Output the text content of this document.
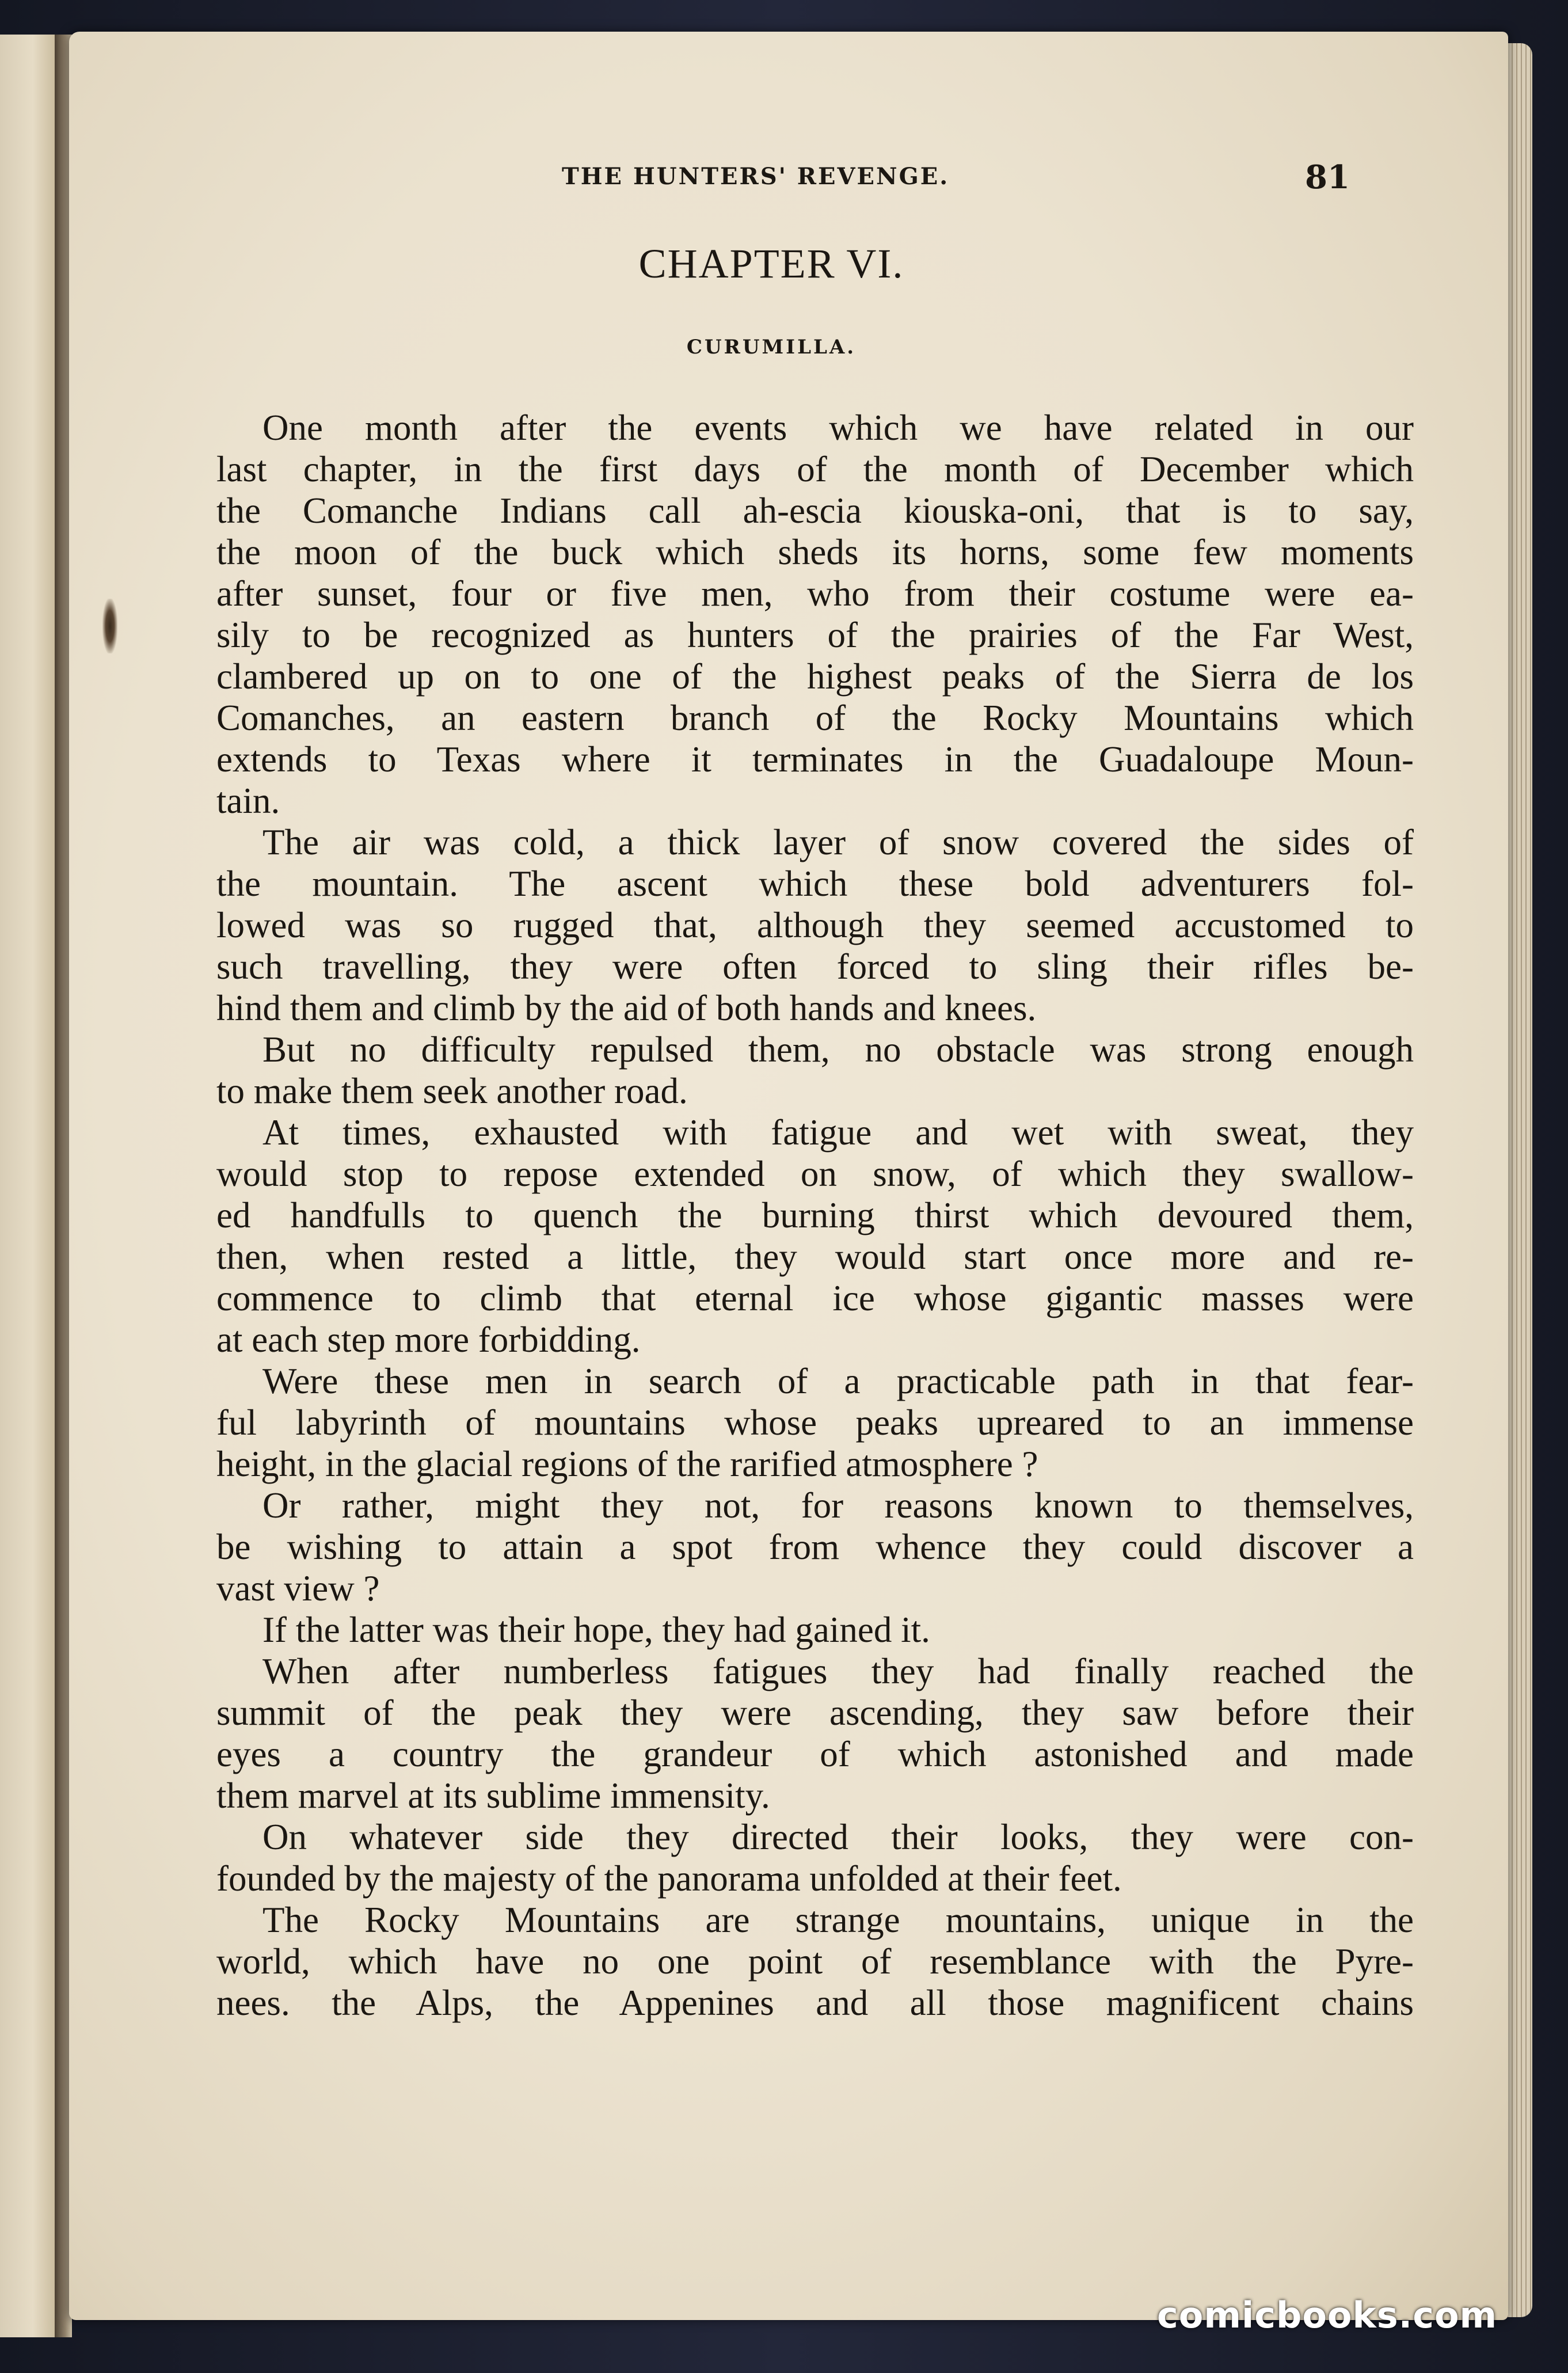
THE HUNTERS' REVENGE.	81
CHAPTER VI.
CURUMILLA.
One month after the events which we have related in our
last chapter, in the first days of the month of December which
the Comanche Indians call ah-escia kiouska-oni, that is to say,
the moon of the buck which sheds its horns, some few moments
after sunset, four or five men, who from their costume were ea-
sily to be recognized as hunters of the prairies of the Far West,
clambered up on to one of the highest peaks of the Sierra de los
Comanches, an eastern branch of the Rocky Mountains which
extends to Texas where it terminates in the Guadaloupe Moun-
tain.
The air was cold, a thick layer of snow covered the sides of
the mountain. The ascent which these bold adventurers fol-
lowed was so rugged that, although they seemed accustomed to
such travelling, they were often forced to sling their rifles be-
hind them and climb by the aid of both hands and knees.
But no difficulty repulsed them, no obstacle was strong enough
to make them seek another road.
At times, exhausted with fatigue and wet with sweat, they
would stop to repose extended on snow, of which they swallow-
ed handfulls to quench the burning thirst which devoured them,
then, when rested a little, they would start once more and re-
commence to climb that eternal ice whose gigantic masses were
at each step more forbidding.
Were these men in search of a practicable path in that fear-
ful labyrinth of mountains whose peaks upreared to an immense
height, in the glacial regions of the rarified atmosphere ?
Or rather, might they not, for reasons known to themselves,
be wishing to attain a spot from whence they could discover a
vast view ?
If the latter was their hope, they had gained it.
When after numberless fatigues they had finally reached the
summit of the peak they were ascending, they saw before their
eyes a country the grandeur of which astonished and made
them marvel at its sublime immensity.
On whatever side they directed their looks, they were con-
founded by the majesty of the panorama unfolded at their feet.
The Rocky Mountains are strange mountains, unique in the
world, which have no one point of resemblance with the Pyre-
nees. the Alps, the Appenines and all those magnificent chains
comicbooks.com
